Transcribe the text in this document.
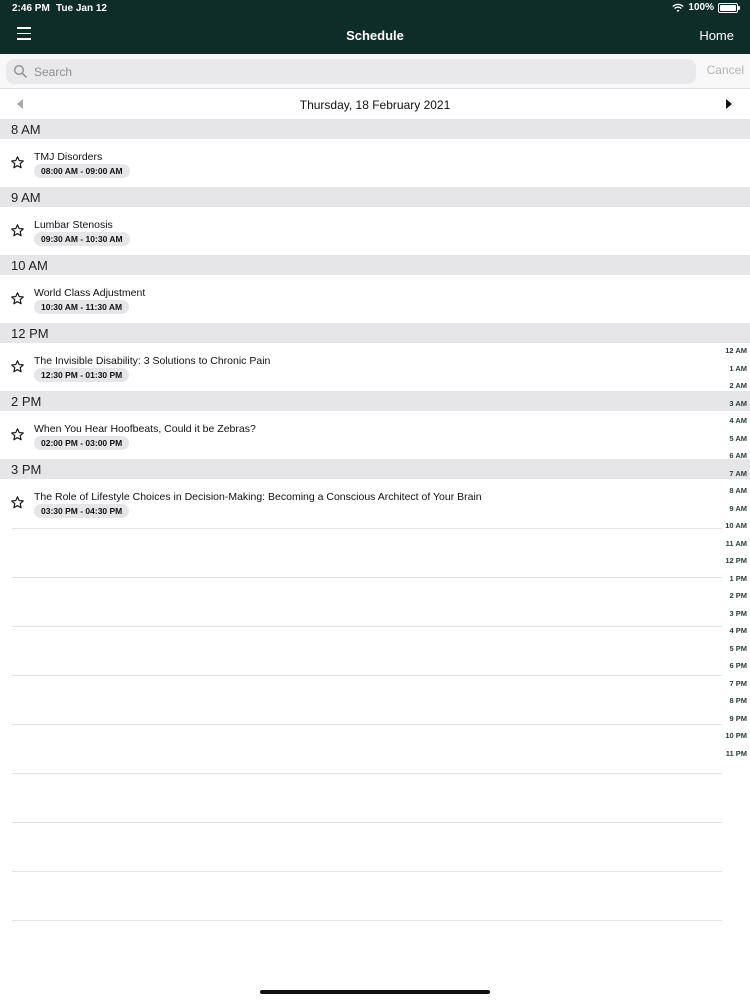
2:46 PM Tue Jan 12	100%
Schedule	Home
Search
Cancel
Thursday, 18 February 2021
8 AM
TMJ Disorders
08:00 AM - 09:00 AM
9 AM
Lumbar Stenosis
09:30 AM - 10:30 AM
10 AM
World Class Adjustment
10:30 AM - 11:30 AM
12 PM
The Invisible Disability: 3 Solutions to Chronic Pain
12:30 PM - 01:30 PM
2 PM
When You Hear Hoofbeats, Could it be Zebras?
02:00 PM - 03:00 PM
3 PM
The Role of Lifestyle Choices in Decision-Making: Becoming a Conscious Architect of Your Brain
03:30 PM - 04:30 PM
12 AM
1 AM
2 AM
3 AM
4 AM
5 AM
6 AM
7 AM
8 AM
9 AM
10 AM
11 AM
12 PM
1 PM
2 PM
3 PM
4 PM
5 PM
6 PM
7 PM
8 PM
9 PM
10 PM
11 PM
